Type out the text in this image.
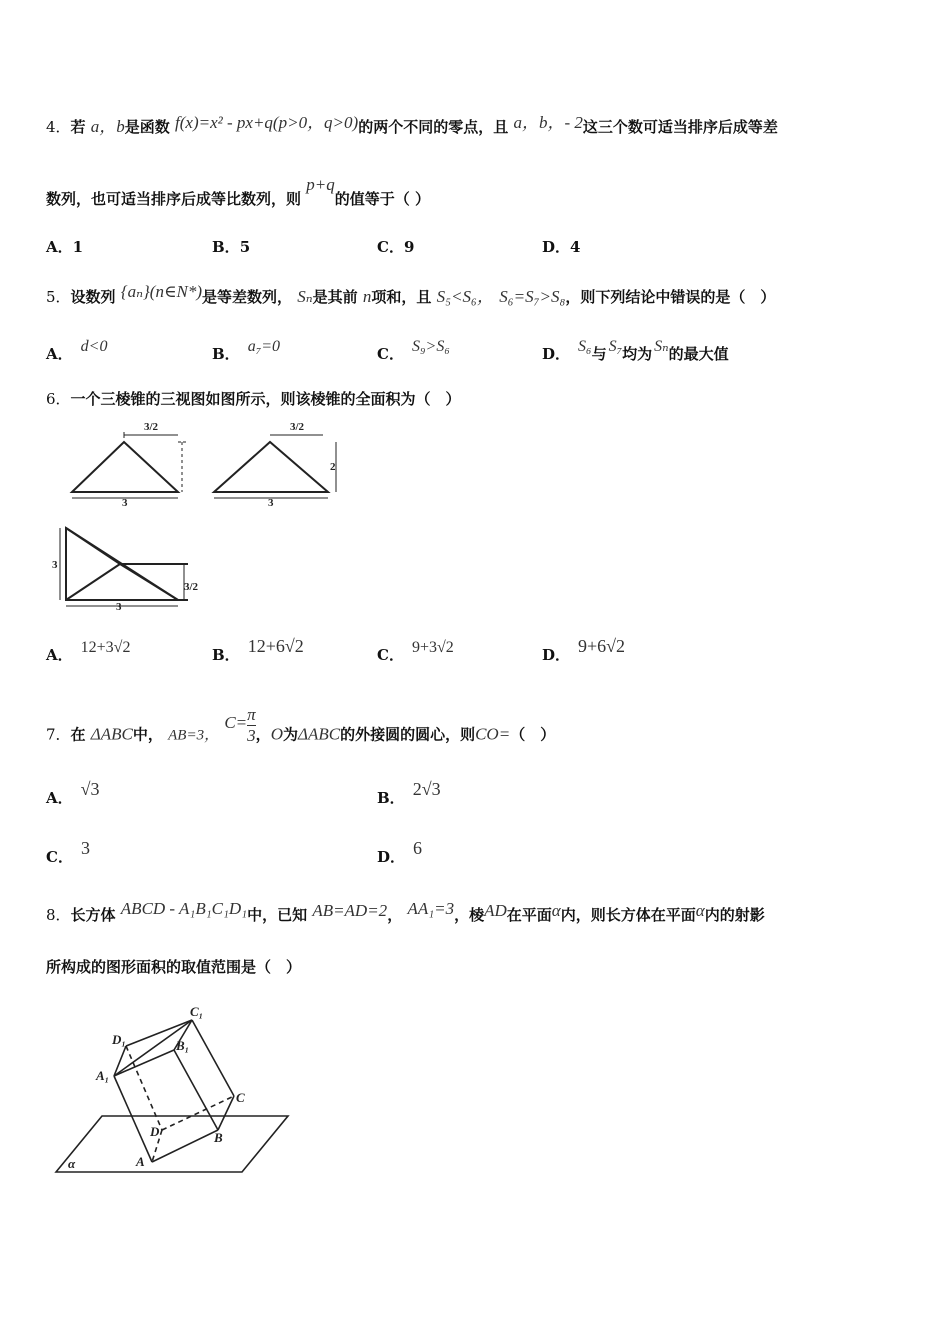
4．若 a，b是函数 f(x)=x² - px+q(p>0，q>0)的两个不同的零点，且 a，b，- 2这三个数可适当排序后成等差
数列，也可适当排序后成等比数列，则 p+q的值等于（ ）
A．1	B．5	C．9	D．4
5．设数列 {aₙ}(n∈N*)是等差数列， Sₙ是其前 n项和，且 S₅<S₆， S₆=S₇>S₈，则下列结论中错误的是（　）
A． d<0	B． a₇=0	C． S₉>S₆	D． S₆与 S₇均为 Sₙ的最大值
6．一个三棱锥的三视图如图所示，则该棱锥的全面积为（　）
3/2
3
3/2
2
3
3
3
3/2
A． 12+3√2	B． 12+6√2	C． 9+3√2	D． 9+6√2
7．在 ΔABC中， AB=3， $C= \frac{\pi}{3}$ ，O为ΔABC的外接圆的圆心，则CO=（　）
A． √3	B． 2√3
C． 3	D． 6
8．长方体 ABCD - A₁B₁C₁D₁中，已知 AB=AD=2， AA₁=3，棱AD在平面α内，则长方体在平面α内的射影
所构成的图形面积的取值范围是（　）
C₁
D₁	B₁
A₁
C
D	B
A
α
